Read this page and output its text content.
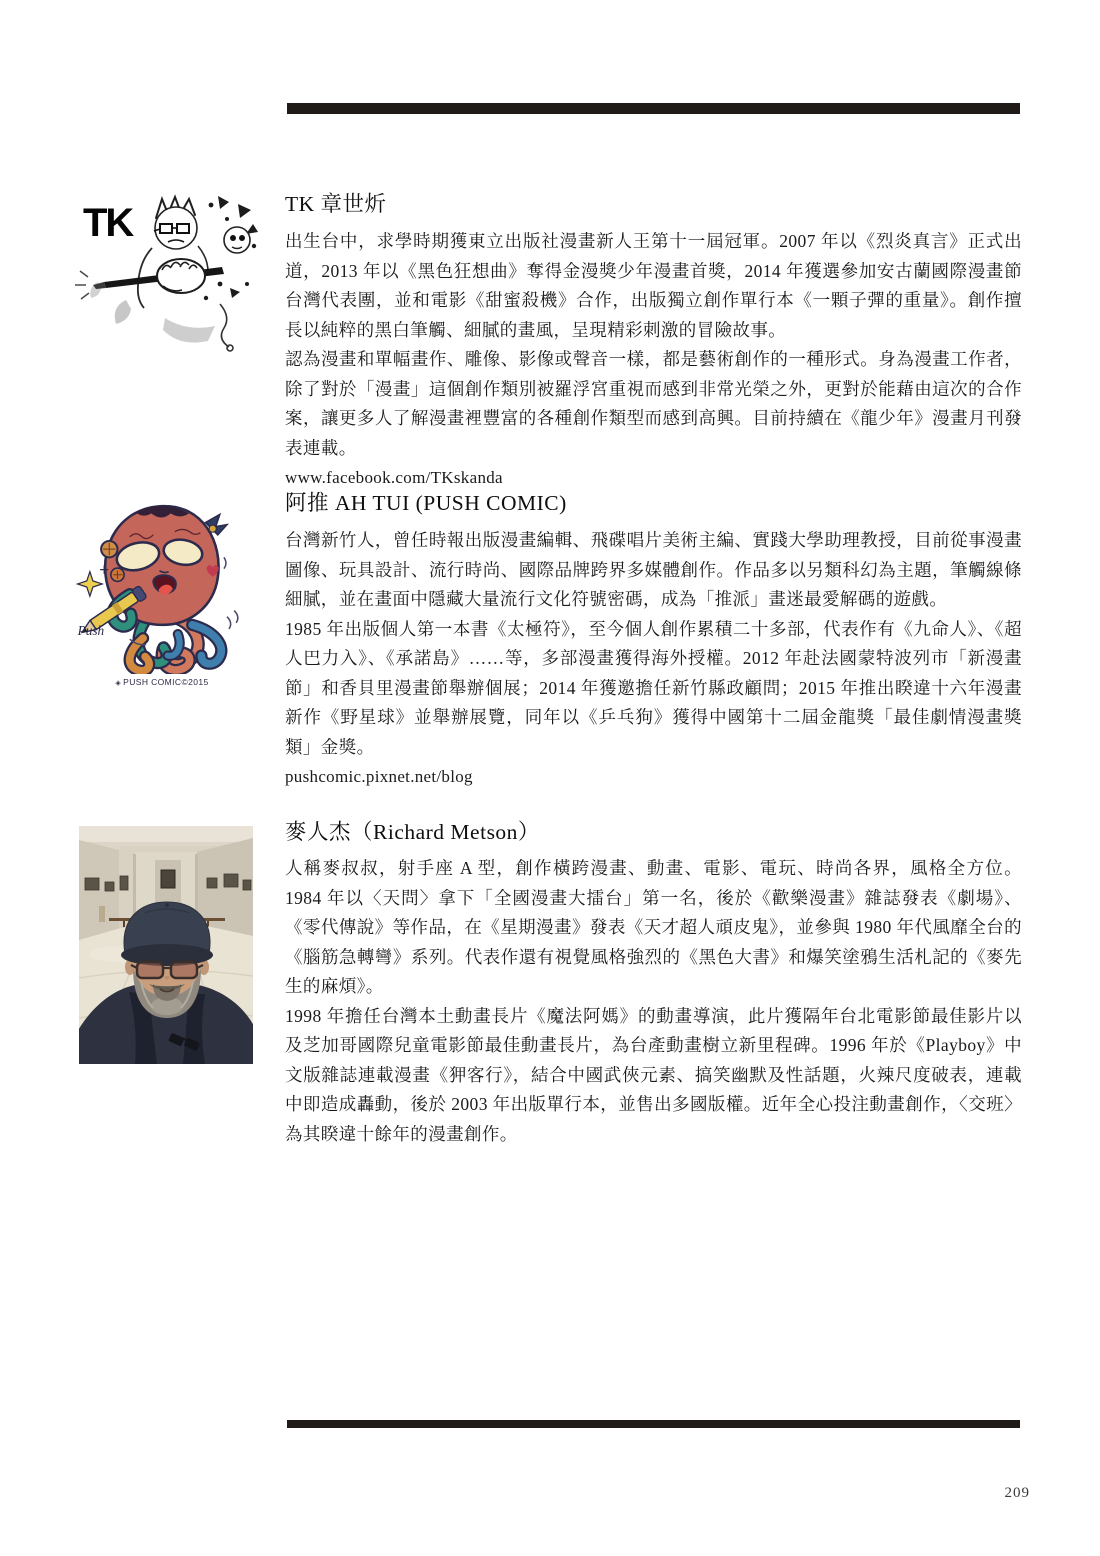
TK	TK 章世炘

出生台中，求學時期獲東立出版社漫畫新人王第十一屆冠軍。2007 年以《烈炎真言》正式出道，2013 年以《黑色狂想曲》奪得金漫獎少年漫畫首獎，2014 年獲選參加安古蘭國際漫畫節台灣代表團，並和電影《甜蜜殺機》合作，出版獨立創作單行本《一顆子彈的重量》。創作擅長以純粹的黑白筆觸、細膩的畫風，呈現精彩刺激的冒險故事。

認為漫畫和單幅畫作、雕像、影像或聲音一樣，都是藝術創作的一種形式。身為漫畫工作者，除了對於「漫畫」這個創作類別被羅浮宮重視而感到非常光榮之外，更對於能藉由這次的合作案，讓更多人了解漫畫裡豐富的各種創作類型而感到高興。目前持續在《龍少年》漫畫月刊發表連載。

www.facebook.com/TKskanda
Push
◈ PUSH COMIC©2015
阿推 AH TUI (PUSH COMIC)

台灣新竹人，曾任時報出版漫畫編輯、飛碟唱片美術主編、實踐大學助理教授，目前從事漫畫圖像、玩具設計、流行時尚、國際品牌跨界多媒體創作。作品多以另類科幻為主題，筆觸線條細膩，並在畫面中隱藏大量流行文化符號密碼，成為「推派」畫迷最愛解碼的遊戲。

1985 年出版個人第一本書《太極符》，至今個人創作累積二十多部，代表作有《九命人》、《超人巴力入》、《承諾島》……等，多部漫畫獲得海外授權。2012 年赴法國蒙特波列市「新漫畫節」和香貝里漫畫節舉辦個展；2014 年獲邀擔任新竹縣政顧問；2015 年推出睽違十六年漫畫新作《野星球》並舉辦展覽，同年以《乒乓狗》獲得中國第十二屆金龍獎「最佳劇情漫畫獎類」金獎。

pushcomic.pixnet.net/blog
麥人杰（Richard Metson）

人稱麥叔叔，射手座 A 型，創作橫跨漫畫、動畫、電影、電玩、時尚各界，風格全方位。1984 年以〈天問〉拿下「全國漫畫大擂台」第一名，後於《歡樂漫畫》雜誌發表《劇場》、《零代傳說》等作品，在《星期漫畫》發表《天才超人頑皮鬼》，並參與 1980 年代風靡全台的《腦筋急轉彎》系列。代表作還有視覺風格強烈的《黑色大書》和爆笑塗鴉生活札記的《麥先生的麻煩》。

1998 年擔任台灣本土動畫長片《魔法阿媽》的動畫導演，此片獲隔年台北電影節最佳影片以及芝加哥國際兒童電影節最佳動畫長片，為台產動畫樹立新里程碑。1996 年於《Playboy》中文版雜誌連載漫畫《狎客行》，結合中國武俠元素、搞笑幽默及性話題，火辣尺度破表，連載中即造成轟動，後於 2003 年出版單行本，並售出多國版權。近年全心投注動畫創作，〈交班〉為其睽違十餘年的漫畫創作。

209
